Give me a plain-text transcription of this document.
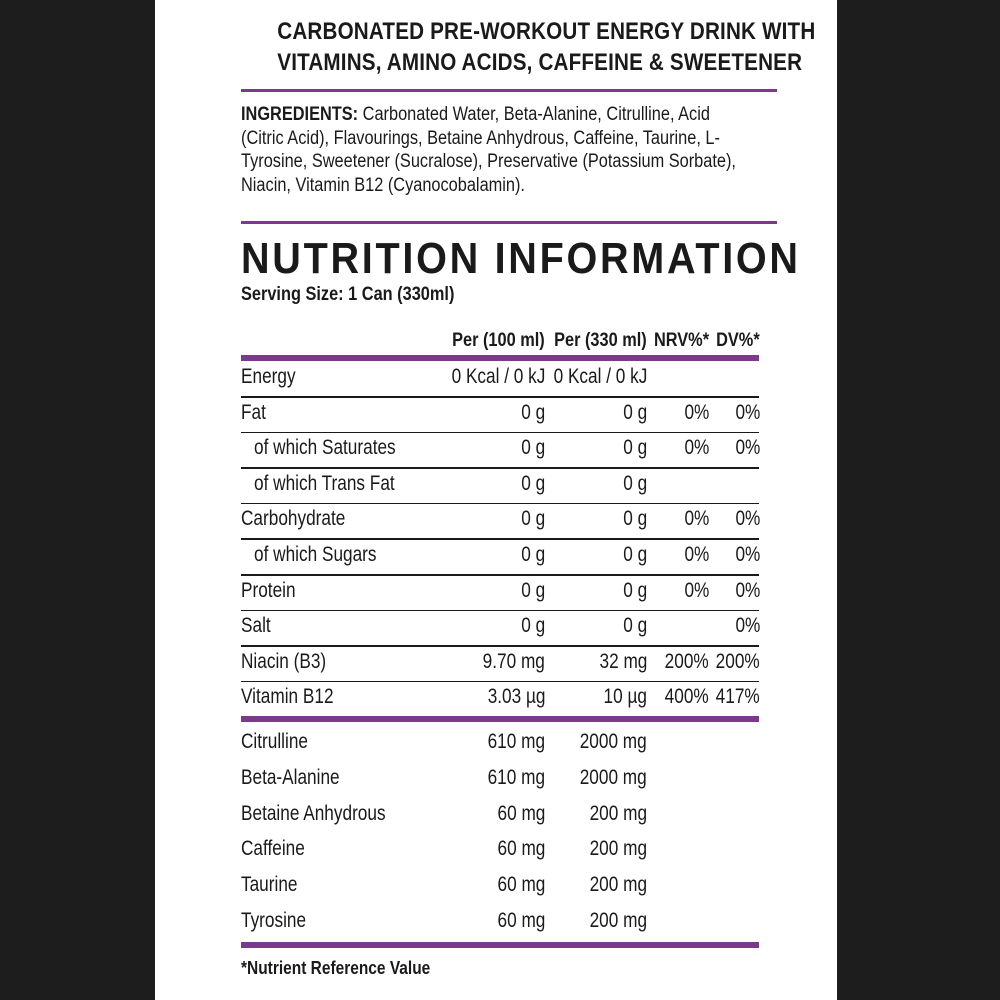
CARBONATED PRE-WORKOUT ENERGY DRINK WITH
VITAMINS, AMINO ACIDS, CAFFEINE & SWEETENER
INGREDIENTS: Carbonated Water, Beta-Alanine, Citrulline, Acid (Citric Acid), Flavourings, Betaine Anhydrous, Caffeine, Taurine, L-Tyrosine, Sweetener (Sucralose), Preservative (Potassium Sorbate), Niacin, Vitamin B12 (Cyanocobalamin).
NUTRITION INFORMATION
Serving Size: 1 Can (330ml)
Per (100 ml) Per (330 ml) NRV%* DV%*
Energy	0 Kcal / 0 kJ 0 Kcal / 0 kJ
Fat	0 g	0 g 0% 0%
of which Saturates	0 g	0 g 0% 0%
of which Trans Fat	0 g	0 g
Carbohydrate	0 g	0 g 0% 0%
of which Sugars	0 g	0 g 0% 0%
Protein	0 g	0 g 0% 0%
Salt	0 g	0 g	0%
Niacin (B3)	9.70 mg	32 mg 200% 200%
Vitamin B12	3.03 µg	10 µg 400% 417%
Citrulline	610 mg 2000 mg
Beta-Alanine	610 mg 2000 mg
Betaine Anhydrous	60 mg 200 mg
Caffeine	60 mg 200 mg
Taurine	60 mg 200 mg
Tyrosine	60 mg 200 mg
*Nutrient Reference Value
